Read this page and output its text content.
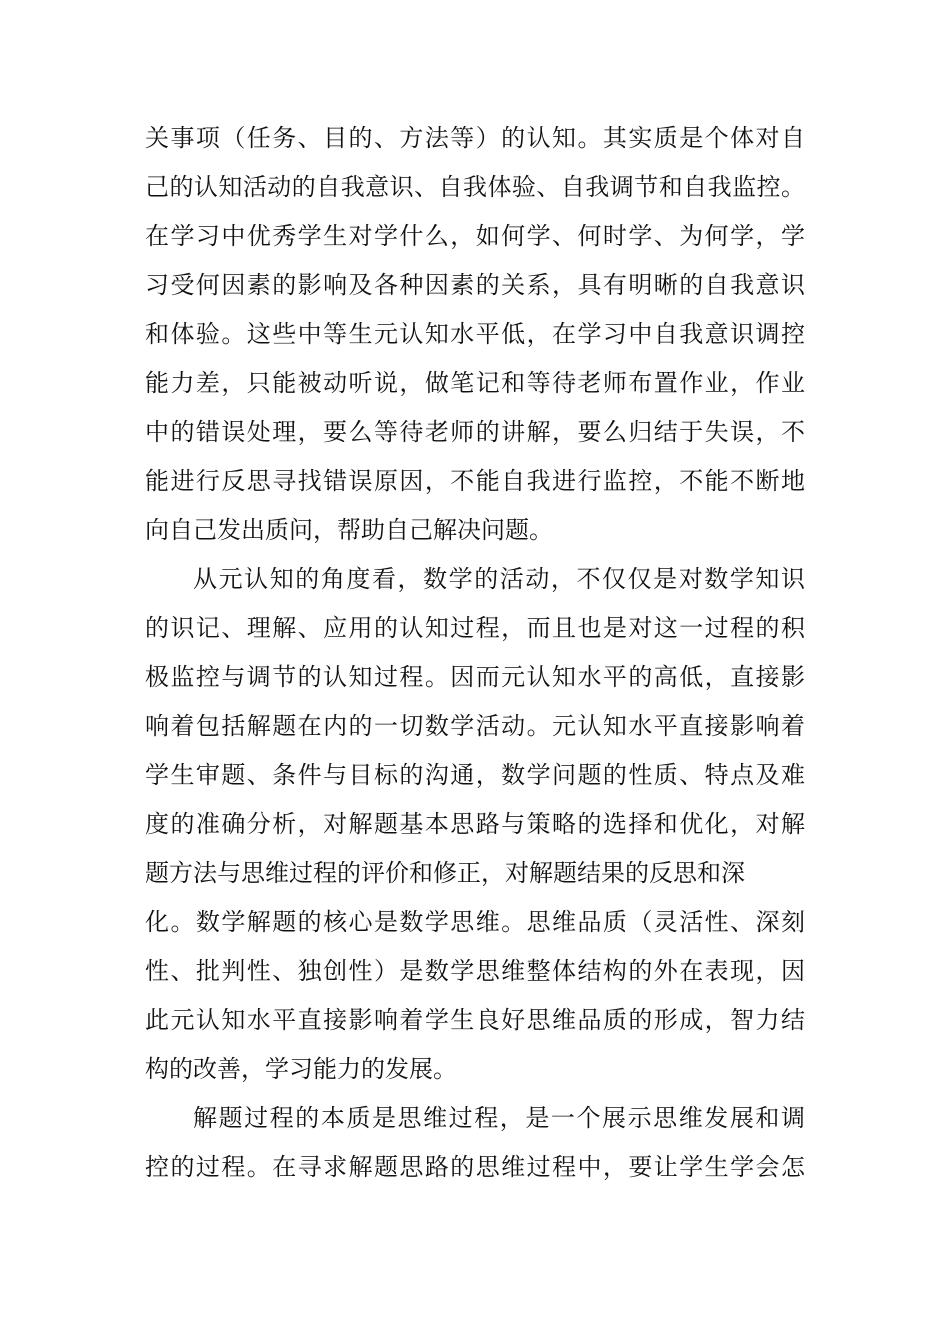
关事项（任务、目的、方法等）的认知。其实质是个体对自
己的认知活动的自我意识、自我体验、自我调节和自我监控。
在学习中优秀学生对学什么，如何学、何时学、为何学，学
习受何因素的影响及各种因素的关系，具有明晰的自我意识
和体验。这些中等生元认知水平低，在学习中自我意识调控
能力差，只能被动听说，做笔记和等待老师布置作业，作业
中的错误处理，要么等待老师的讲解，要么归结于失误，不
能进行反思寻找错误原因，不能自我进行监控，不能不断地
向自己发出质问，帮助自己解决问题。
从元认知的角度看，数学的活动，不仅仅是对数学知识
的识记、理解、应用的认知过程，而且也是对这一过程的积
极监控与调节的认知过程。因而元认知水平的高低，直接影
响着包括解题在内的一切数学活动。元认知水平直接影响着
学生审题、条件与目标的沟通，数学问题的性质、特点及难
度的准确分析，对解题基本思路与策略的选择和优化，对解
题方法与思维过程的评价和修正，对解题结果的反思和深
化。数学解题的核心是数学思维。思维品质（灵活性、深刻
性、批判性、独创性）是数学思维整体结构的外在表现，因
此元认知水平直接影响着学生良好思维品质的形成，智力结
构的改善，学习能力的发展。
解题过程的本质是思维过程，是一个展示思维发展和调
控的过程。在寻求解题思路的思维过程中，要让学生学会怎
